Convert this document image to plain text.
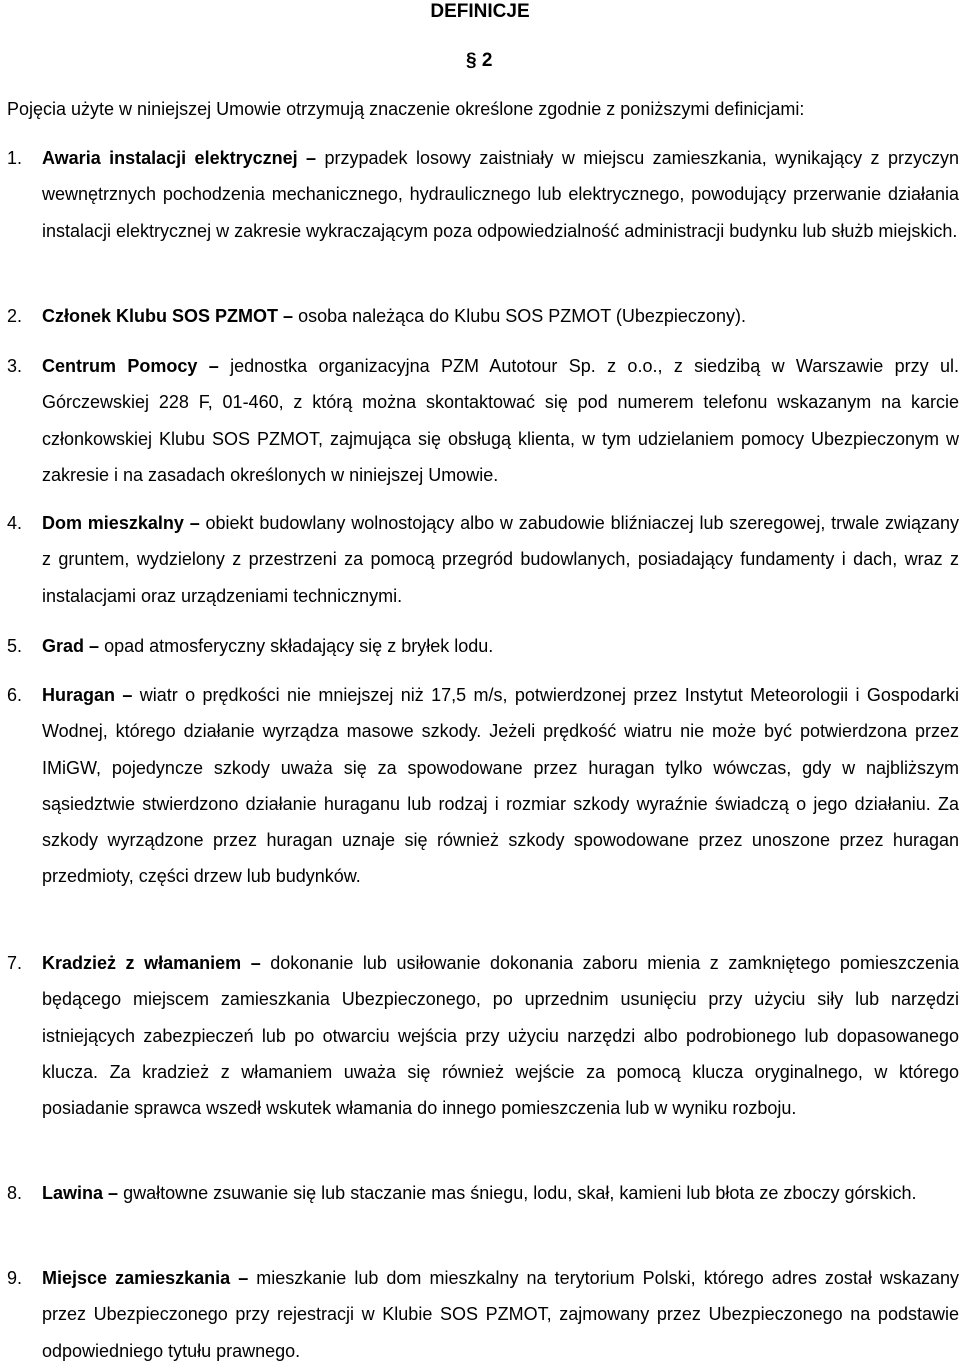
DEFINICJE
§ 2
Pojęcia użyte w niniejszej Umowie otrzymują znaczenie określone zgodnie z poniższymi definicjami:
1. Awaria instalacji elektrycznej – przypadek losowy zaistniały w miejscu zamieszkania, wynikający z przyczyn wewnętrznych pochodzenia mechanicznego, hydraulicznego lub elektrycznego, powodujący przerwanie działania instalacji elektrycznej w zakresie wykraczającym poza odpowiedzialność administracji budynku lub służb miejskich.
2. Członek Klubu SOS PZMOT – osoba należąca do Klubu SOS PZMOT (Ubezpieczony).
3. Centrum Pomocy – jednostka organizacyjna PZM Autotour Sp. z o.o., z siedzibą w Warszawie przy ul. Górczewskiej 228 F, 01-460, z którą można skontaktować się pod numerem telefonu wskazanym na karcie członkowskiej Klubu SOS PZMOT, zajmująca się obsługą klienta, w tym udzielaniem pomocy Ubezpieczonym w zakresie i na zasadach określonych w niniejszej Umowie.
4. Dom mieszkalny – obiekt budowlany wolnostojący albo w zabudowie bliźniaczej lub szeregowej, trwale związany z gruntem, wydzielony z przestrzeni za pomocą przegród budowlanych, posiadający fundamenty i dach, wraz z instalacjami oraz urządzeniami technicznymi.
5. Grad – opad atmosferyczny składający się z bryłek lodu.
6. Huragan – wiatr o prędkości nie mniejszej niż 17,5 m/s, potwierdzonej przez Instytut Meteorologii i Gospodarki Wodnej, którego działanie wyrządza masowe szkody. Jeżeli prędkość wiatru nie może być potwierdzona przez IMiGW, pojedyncze szkody uważa się za spowodowane przez huragan tylko wówczas, gdy w najbliższym sąsiedztwie stwierdzono działanie huraganu lub rodzaj i rozmiar szkody wyraźnie świadczą o jego działaniu. Za szkody wyrządzone przez huragan uznaje się również szkody spowodowane przez unoszone przez huragan przedmioty, części drzew lub budynków.
7. Kradzież z włamaniem – dokonanie lub usiłowanie dokonania zaboru mienia z zamkniętego pomieszczenia będącego miejscem zamieszkania Ubezpieczonego, po uprzednim usunięciu przy użyciu siły lub narzędzi istniejących zabezpieczeń lub po otwarciu wejścia przy użyciu narzędzi albo podrobionego lub dopasowanego klucza. Za kradzież z włamaniem uważa się również wejście za pomocą klucza oryginalnego, w którego posiadanie sprawca wszedł wskutek włamania do innego pomieszczenia lub w wyniku rozboju.
8. Lawina – gwałtowne zsuwanie się lub staczanie mas śniegu, lodu, skał, kamieni lub błota ze zboczy górskich.
9. Miejsce zamieszkania – mieszkanie lub dom mieszkalny na terytorium Polski, którego adres został wskazany przez Ubezpieczonego przy rejestracji w Klubie SOS PZMOT, zajmowany przez Ubezpieczonego na podstawie odpowiedniego tytułu prawnego.
